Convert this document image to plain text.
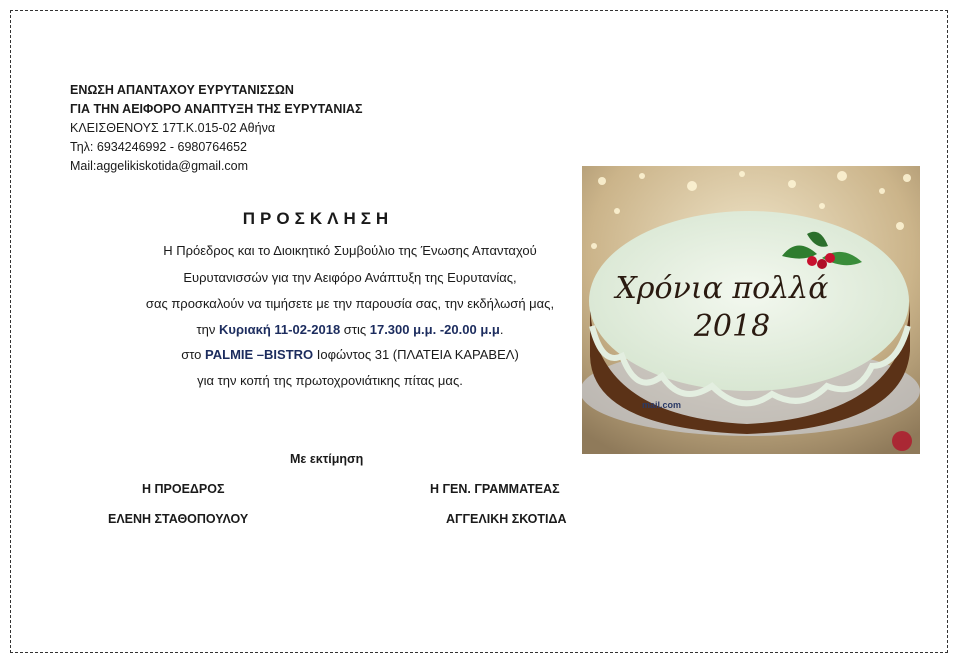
ΕΝΩΣΗ ΑΠΑΝΤΑΧΟΥ ΕΥΡΥΤΑΝΙΣΣΩΝ
ΓΙΑ ΤΗΝ ΑΕΙΦΟΡΟ ΑΝΑΠΤΥΞΗ ΤΗΣ ΕΥΡΥΤΑΝΙΑΣ
ΚΛΕΙΣΘΕΝΟΥΣ 17Τ.Κ.015-02 Αθήνα
Τηλ: 6934246992 - 6980764652
Mail:aggelikiskotida@gmail.com
ΠΡΟΣΚΛΗΣΗ
Η Πρόεδρος και το Διοικητικό Συμβούλιο της Ένωσης Απανταχού
Ευρυτανισσών για την Αειφόρο Ανάπτυξη της Ευρυτανίας,
σας προσκαλούν να τιμήσετε με την παρουσία σας, την εκδήλωσή μας,
την Κυριακή 11-02-2018 στις 17.300 μ.μ. -20.00 μ.μ.
στο PALMIE –BISTRO Ιοφώντος 31 (ΠΛΑΤΕΙΑ ΚΑΡΑΒΕΛ)
για την κοπή της πρωτοχρονιάτικης πίτας μας.
Με εκτίμηση
Η ΠΡΟΕΔΡΟΣ
ΕΛΕΝΗ ΣΤΑΘΟΠΟΥΛΟΥ
Η ΓΕΝ. ΓΡΑΜΜΑΤΕΑΣ
ΑΓΓΕΛΙΚΗ ΣΚΟΤΙΔΑ
Χρόνια πολλά
2018
mail.com
